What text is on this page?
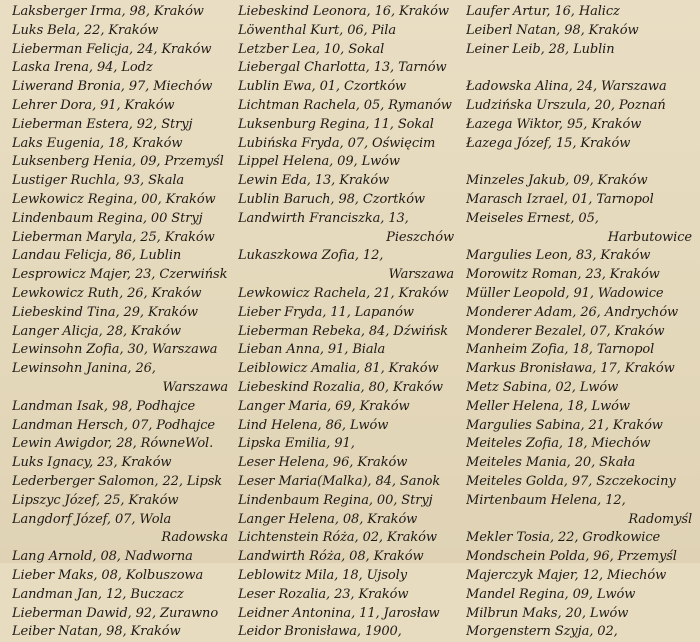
Laksberger Irma, 98, Kraków
Luks Bela, 22, Kraków
Lieberman Felicja, 24, Kraków
Laska Irena, 94, Lodz
Liwerand Bronia, 97, Miechów
Lehrer Dora, 91, Kraków
Lieberman Estera, 92, Stryj
Laks Eugenia, 18, Kraków
Luksenberg Henia, 09, Przemyśl
Lustiger Ruchla, 93, Skala
Lewkowicz Regina, 00, Kraków
Lindenbaum Regina, 00 Stryj
Lieberman Maryla, 25, Kraków
Landau Felicja, 86, Lublin
Lesprowicz Majer, 23, Czerwińsk
Lewkowicz Ruth, 26, Kraków
Liebeskind Tina, 29, Kraków
Langer Alicja, 28, Kraków
Lewinsohn Zofia, 30, Warszawa
Lewinsohn Janina, 26,
Warszawa
Landman Isak, 98, Podhajce
Landman Hersch, 07, Podhajce
Lewin Awigdor, 28, RówneWol.
Luks Ignacy, 23, Kraków
Lederberger Salomon, 22, Lipsk
Lipszyc Józef, 25, Kraków
Langdorf Józef, 07, Wola
Radowska
Lang Arnold, 08, Nadworna
Lieber Maks, 08, Kolbuszowa
Landman Jan, 12, Buczacz
Lieberman Dawid, 92, Zurawno
Leiber Natan, 98, Kraków
Liebeskind Leonora, 16, Kraków
Löwenthal Kurt, 06, Pila
Letzber Lea, 10, Sokal
Liebergal Charlotta, 13, Tarnów
Lublin Ewa, 01, Czortków
Lichtman Rachela, 05, Rymanów
Luksenburg Regina, 11, Sokal
Lubińska Fryda, 07, Oświęcim
Lippel Helena, 09, Lwów
Lewin Eda, 13, Kraków
Lublin Baruch, 98, Czortków
Landwirth Franciszka, 13,
Pieszchów
Lukaszkowa Zofia, 12,
Warszawa
Lewkowicz Rachela, 21, Kraków
Lieber Fryda, 11, Lapanów
Lieberman Rebeka, 84, Dźwińsk
Lieban Anna, 91, Biala
Leiblowicz Amalia, 81, Kraków
Liebeskind Rozalia, 80, Kraków
Langer Maria, 69, Kraków
Lind Helena, 86, Lwów
Lipska Emilia, 91,
Leser Helena, 96, Kraków
Leser Maria(Malka), 84, Sanok
Lindenbaum Regina, 00, Stryj
Langer Helena, 08, Kraków
Lichtenstein Róża, 02, Kraków
Landwirth Róża, 08, Kraków
Leblowitz Mila, 18, Ujsoly
Leser Rozalia, 23, Kraków
Leidner Antonina, 11, Jarosław
Leidor Bronisława, 1900,
Laufer Artur, 16, Halicz
Leiberl Natan, 98, Kraków
Leiner Leib, 28, Lublin
Ładowska Alina, 24, Warszawa
Ludzińska Urszula, 20, Poznań
Łazega Wiktor, 95, Kraków
Łazega Józef, 15, Kraków
Minzeles Jakub, 09, Kraków
Marasch Izrael, 01, Tarnopol
Meiseles Ernest, 05,
Harbutowice
Margulies Leon, 83, Kraków
Morowitz Roman, 23, Kraków
Müller Leopold, 91, Wadowice
Monderer Adam, 26, Andrychów
Monderer Bezalel, 07, Kraków
Manheim Zofia, 18, Tarnopol
Markus Bronisława, 17, Kraków
Metz Sabina, 02, Lwów
Meller Helena, 18, Lwów
Margulies Sabina, 21, Kraków
Meiteles Zofia, 18, Miechów
Meiteles Mania, 20, Skała
Meiteles Golda, 97, Szczekociny
Mirtenbaum Helena, 12,
Radomyśl
Mekler Tosia, 22, Grodkowice
Mondschein Polda, 96, Przemyśl
Majerczyk Majer, 12, Miechów
Mandel Regina, 09, Lwów
Milbrun Maks, 20, Lwów
Morgenstern Szyja, 02,
